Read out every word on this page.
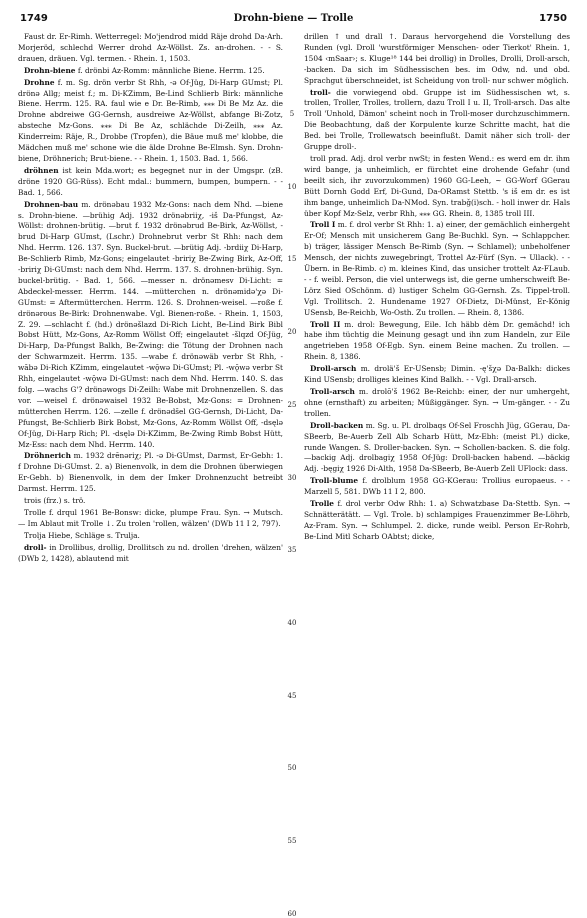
1749	Drohn-biene — Trolle	1750

Faust dr. Er-Rimh. Wetterregel: Mo'jendrod midd Räje drohd Da-Arh. Morjeröd, schlechd Werrer drohd Az-Wöllst. Zs. an-drohen. - - S. drauen, dräuen. Vgl. termen. - Rhein. 1, 1503.

Drohn-biene f. drönbi Az-Romm: männliche Biene. Herrm. 125.

Drohne f. m. Sg. drön verbr St Rhh, -ə Of-Jüg, Di-Harp GUmst; Pl. drönə Allg; meist f.; m. Di-KZimm, Be-Lind Schlierb Birk: männliche Biene. Herrm. 125. RA. faul wie e Dr. Be-Rimb, ⁎⁎⁎ Di Be Mz Az. die Drohne abdreiwe GG-Gernsh, ausdreiwe Az-Wöllst, abfange Bi-Zotz, absteche Mz-Gons. ⁎⁎⁎ Di Be Az, schlächde Di-Zeilh, ⁎⁎⁎ Az. Kinderreim: Räje, R., Drobbe (Tropfen), die Bäue muß me' klobbe, die Mädchen muß me' schone wie die älde Drohne Be-Elmsh. Syn. Drohn-biene, Dröhnerich; Brut-biene. - - Rhein. 1, 1503. Bad. 1, 566.

dröhnen ist kein Mda.wort; es begegnet nur in der Umgspr. (zB. dröne 1920 GG-Rüss). Echt mdal.: bummern, bumpen, bumpern. - - Bad. 1, 566.

Drohnen-bau m. drönəbau 1932 Mz-Gons: nach dem Nhd. —biene s. Drohn-biene. —brühig Adj. 1932 drönəbriiχ, -iš Da-Pfungst, Az-Wöllst: drohnen-brütig. —brut f. 1932 drönəbrud Be-Birk, Az-Wöllst, -brud Di-Harp GUmst, (Lschr.) Drohnebrut verbr St Rhh: nach dem Nhd. Herrm. 126. 137. Syn. Buckel-brut. —brütig Adj. -brdiiχ Di-Harp, Be-Schlierb Rimb, Mz-Gons; eingelautet -bririχ Be-Zwing Birk, Az-Off, -bririχ Di-GUmst: nach dem Nhd. Herrm. 137. S. drohnen-brühig. Syn. buckel-brütig. - Bad. 1, 566. —messer n. drönəmesv Di-Licht: = Abdeckel-messer. Herrm. 144. —mütterchen n. drönəmidə'χə Di-GUmst: = Aftermütterchen. Herrm. 126. S. Drohnen-weisel. —roße f. drönərous Be-Birk: Drohnenwabe. Vgl. Bienen-roße. - Rhein. 1, 1503, Z. 29. —schlacht f. (hd.) drönəšlazd Di-Rich Licht, Be-Lind Birk Bibl Bobst Hütt, Mz-Gons, Az-Romm Wöllst Off; eingelautet -šlqzd Of-Jüg, Di-Harp, Da-Pfungst Balkh, Be-Zwing: die Tötung der Drohnen nach der Schwarmzeit. Herrm. 135. —wabe f. drönəwäb verbr St Rhh, -wābə Di-Rich KZimm, eingelautet -wǭwə Di-GUmst; Pl. -wǭwə verbr St Rhh, eingelautet -wǭwə Di-GUmst: nach dem Nhd. Herrm. 140. S. das folg. —wachs G'? drönəwogs Di-Zeilh: Wabe mit Drohnenzellen. S. das vor. —weisel f. drönəwaisel 1932 Be-Bobst, Mz-Gons: = Drohnen-mütterchen Herrm. 126. —zelle f. drönəds̄el GG-Gernsh, Di-Licht, Da-Pfungst, Be-Schlierb Birk Bobst, Mz-Gons, Az-Romm Wöllst Off, -dsęlə Of-Jüg, Di-Harp Rich; Pl. -dsęlə Di-KZimm, Be-Zwing Rimb Bobst Hütt, Mz-Ess: nach dem Nhd. Herrm. 140.

Dröhnerich m. 1932 drēnəriχ; Pl. -ə Di-GUmst, Darmst, Er-Gebh: 1. f Drohne Di-GUmst. 2. a) Bienenvolk, in dem die Drohnen überwiegen Er-Gebh. b) Bienenvolk, in dem der Imker Drohnenzucht betreibt Darmst. Herrm. 125.

trois (frz.) s. trö.

Trolle f. drqul 1961 Be-Bonsw: dicke, plumpe Frau. Syn. → Mutsch. — Im Ablaut mit Trolle ↓. Zu trolen 'rollen, wälzen' (DWb 11 I 2, 797).

Trolja Hiebe, Schläge s. Trulja.

droll- in Drollibus, drollig, Drollitsch zu nd. drollen 'drehen, wälzen' (DWb 2, 1428), ablautend mit

5
10
15
20
25
30
35
40
45
50
55
60

drillen ↑ und drall ↑. Daraus hervorgehend die Vorstellung des Runden (vgl. Droll 'wurstförmiger Menschen- oder Tierkot' Rhein. 1, 1504 ‹mSaar›; s. Kluge¹⁸ 144 bei drollig) in Drolles, Drolli, Droll-arsch, -backen. Da sich im Südhessischen bes. im Odw, nd. und obd. Sprachgut überschneidet, ist Scheidung von troll- nur schwer möglich.

troll- die vorwiegend obd. Gruppe ist im Südhessischen wt, s. trollen, Troller, Trolles, trollern, dazu Troll I u. II, Troll-arsch. Das alte Troll 'Unhold, Dämon' scheint noch in Troll-moser durchzuschimmern. Die Beobachtung, daß der Korpulente kurze Schritte macht, hat die Bed. bei Trolle, Trollewatsch beeinflußt. Damit näher sich troll- der Gruppe droll-.

troll prad. Adj. drol verbr nwSt; in festen Wend.: es werd em dr. ihm wird bange, ja unheimlich, er fürchtet eine drohende Gefahr (und beeilt sich, ihr zuvorzukommen) 1960 GG-Leeh, ~ GG-Worf GGerau Bütt Dornh Godd Erf, Di-Gund, Da-ORamst Stettb. 's iš em dr. es ist ihm bange, unheimlich Da-NMod. Syn. trabǧ(i)sch. - holl inwer dr. Hals über Kopf Mz-Selz, verbr Rhh, ⁎⁎⁎ GG. Rhein. 8, 1385 troll III.

Troll I m. f. drol verbr St Rhh: 1. a) einer, der gemächlich einhergeht Er-Of; Mensch mit unsicherem Gang Be-Buchkl. Syn. → Schlappcher. b) träger, lässiger Mensch Be-Rimb (Syn. → Schlamel); unbeholfener Mensch, der nichts zuwegebringt, Trottel Az-Fürf (Syn. → Ullack). - - Übern. in Be-Rimb. c) m. kleines Kind, das unsicher trottelt Az-FLaub. - - f. weibl. Person, die viel unterwegs ist, die gerne umherschweift Be-Lörz Sied OSchönm. d) lustiger Schelm GG-Gernsh. Zs. Tippel-troll. Vgl. Trollitsch. 2. Hundename 1927 Of-Dietz, Di-Münst, Er-König USensb, Be-Reichb, Wo-Osth. Zu trollen. — Rhein. 8, 1386.

Troll II m. drol: Bewegung, Eile. Ich häbb dèm Dr. gemächd! ich habe ihm tüchtig die Meinung gesagt und ihn zum Handeln, zur Eile angetrieben 1958 Of-Egb. Syn. einem Beine machen. Zu trollen. — Rhein. 8, 1386.

Droll-arsch m. drolä'š Er-USensb; Dimin. -ę'šχə Da-Balkh: dickes Kind USensb; drolliges kleines Kind Balkh. - - Vgl. Drall-arsch.

Troll-arsch m. drolō'š 1962 Be-Reichb: einer, der nur umhergeht, ohne (ernsthaft) zu arbeiten; Müßiggänger. Syn. → Um-gänger. - - Zu trollen.

Droll-backen m. Sg. u. Pl. drolbaqs Of-Sel Froschh Jüg, GGerau, Da-SBeerb, Be-Auerb Zell Alb Scharb Hütt, Mz-Ebh: (meist Pl.) dicke, runde Wangen. S. Droller-backen. Syn. → Schollen-backen. S. die folg. —backig Adj. drolbagiχ 1958 Of-Jüg: Droll-backen habend. —bäckig Adj. -bęgiχ 1926 Di-Alth, 1958 Da-SBeerb, Be-Auerb Zell UFlock: dass.

Troll-blume f. drolblum 1958 GG-KGerau: Trollius europaeus. - - Marzell 5, 581. DWb 11 I 2, 800.

Trolle f. drol verbr Odw Rhh: 1. a) Schwatzbase Da-Stettb. Syn. → Schnätterätätt. — Vgl. Trole. b) schlampiges Frauenzimmer Be-Löhrb, Az-Fram. Syn. → Schlumpel. 2. dicke, runde weibl. Person Er-Rohrb, Be-Lind Mitl Scharb OAbtst; dicke,
